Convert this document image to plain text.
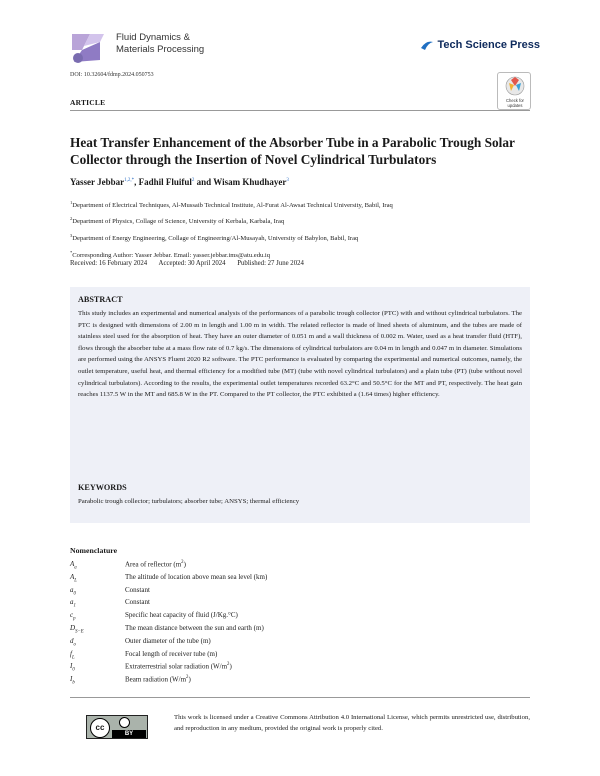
Fluid Dynamics &
Materials Processing	Tech Science Press
DOI: 10.32604/fdmp.2024.050753
ARTICLE	Check for
updates
Heat Transfer Enhancement of the Absorber Tube in a Parabolic Trough Solar
Collector through the Insertion of Novel Cylindrical Turbulators
Yasser Jebbar$^{1,2,*}$, Fadhil Fluiful$^2$ and Wisam Khudhayer$^3$
$^1$Department of Electrical Techniques, Al-Mussaib Technical Institute, Al-Furat Al-Awsat Technical University, Babil, Iraq
$^2$Department of Physics, Collage of Science, University of Kerbala, Karbala, Iraq
$^3$Department of Energy Engineering, Collage of Engineering/Al-Musayah, University of Babylon, Babil, Iraq
*Corresponding Author: Yasser Jebbar. Email: yasser.jebbar.ims@atu.edu.iq
Received: 16 February 2024 Accepted: 30 April 2024 Published: 27 June 2024
ABSTRACT
This study includes an experimental and numerical analysis of the performances of a parabolic trough collector (PTC) with and without cylindrical turbulators. The PTC is designed with dimensions of 2.00 m in length and 1.00 m in width. The related reflector is made of lined sheets of aluminum, and the tubes are made of stainless steel used for the absorption of heat. They have an outer diameter of 0.051 m and a wall thickness of 0.002 m. Water, used as a heat transfer fluid (HTF), flows through the absorber tube at a mass flow rate of 0.7 kg/s. The dimensions of cylindrical turbulators are 0.04 m in length and 0.047 m in diameter. Simulations are performed using the ANSYS Fluent 2020 R2 software. The PTC performance is evaluated by comparing the experimental and numerical outcomes, namely, the outlet temperature, useful heat, and thermal efficiency for a modified tube (MT) (tube with novel cylindrical turbulators) and a plain tube (PT) (tube without novel cylindrical turbulators). According to the results, the experimental outlet temperatures recorded 63.2°C and 50.5°C for the MT and PT, respectively. The heat gain reaches 1137.5 W in the MT and 685.8 W in the PT. Compared to the PT collector, the PTC exhibited a (1.64 times) higher efficiency.
KEYWORDS
Parabolic trough collector; turbulators; absorber tube; ANSYS; thermal efficiency
Nomenclature
$A_a$	Area of reflector $(m^2)$
$A_L$	The altitude of location above mean sea level (km)
$a_0$	Constant
$a_1$	Constant
$c_p$	Specific heat capacity of fluid (J/Kg.°C)
$D_{S-E}$	The mean distance between the sun and earth (m)
$d_o$	Outer diameter of the tube (m)
$f_L$	Focal length of receiver tube (m)
$I_0$	Extraterrestrial solar radiation $(W/m^2)$
$I_b$	Beam radiation $(W/m^2)$
cc
BY
This work is licensed under a Creative Commons Attribution 4.0 International License, which permits unrestricted use, distribution, and reproduction in any medium, provided the original work is properly cited.
